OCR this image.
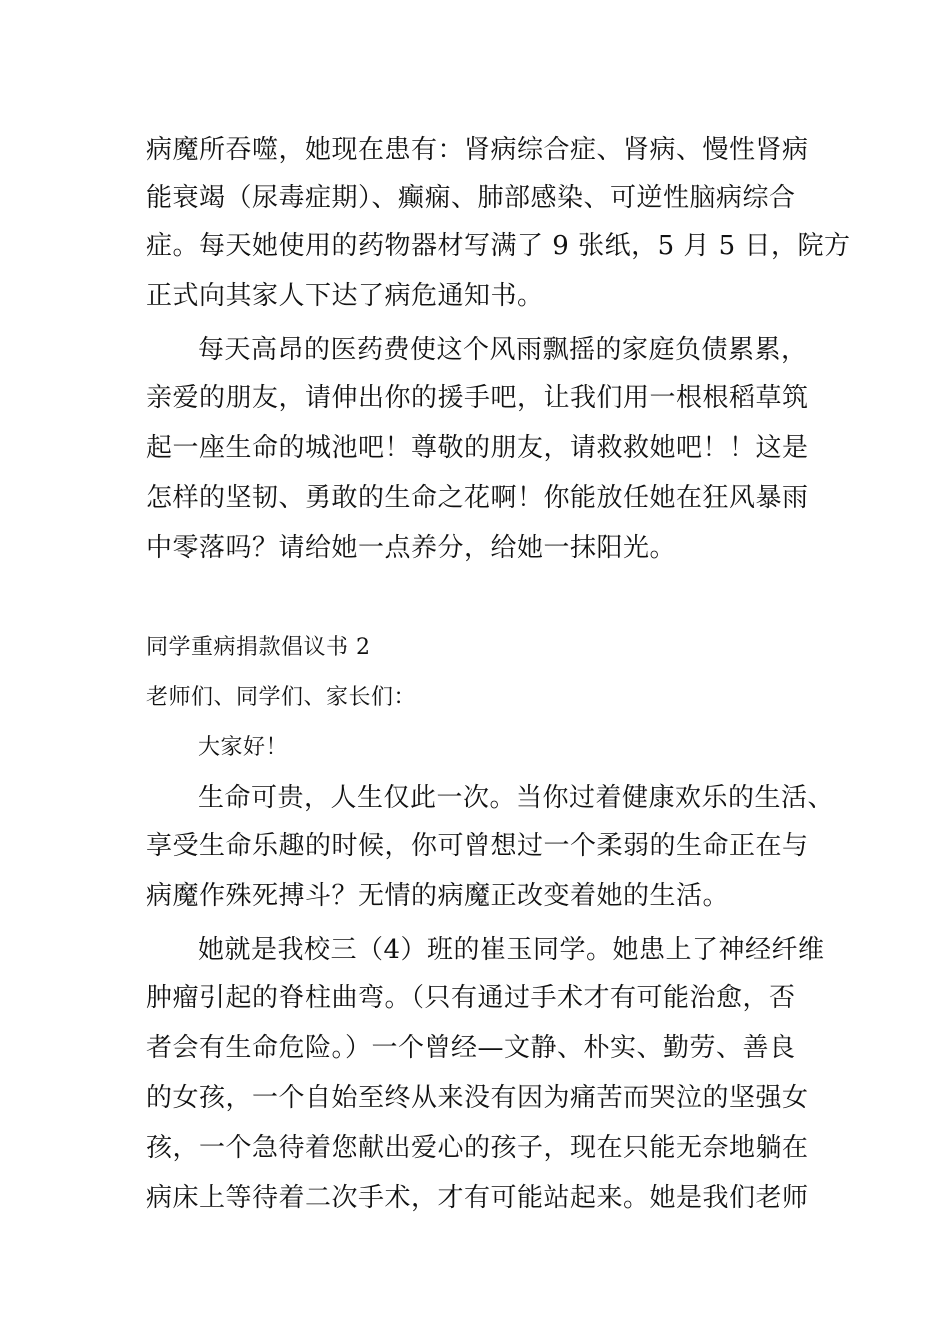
病魔所吞噬，她现在患有：肾病综合症、肾病、慢性肾病
能衰竭（尿毒症期）、癫痫、肺部感染、可逆性脑病综合
症。每天她使用的药物器材写满了 9 张纸，5 月 5 日，院方
正式向其家人下达了病危通知书。
每天高昂的医药费使这个风雨飘摇的家庭负债累累，
亲爱的朋友，请伸出你的援手吧，让我们用一根根稻草筑
起一座生命的城池吧！尊敬的朋友，请救救她吧！！这是
怎样的坚韧、勇敢的生命之花啊！你能放任她在狂风暴雨
中零落吗？请给她一点养分，给她一抹阳光。
同学重病捐款倡议书 2
老师们、同学们、家长们：
大家好！
生命可贵，人生仅此一次。当你过着健康欢乐的生活、
享受生命乐趣的时候，你可曾想过一个柔弱的生命正在与
病魔作殊死搏斗？无情的病魔正改变着她的生活。
她就是我校三（4）班的崔玉同学。她患上了神经纤维
肿瘤引起的脊柱曲弯。（只有通过手术才有可能治愈，否
者会有生命危险。）一个曾经—文静、朴实、勤劳、善良
的女孩，一个自始至终从来没有因为痛苦而哭泣的坚强女
孩，一个急待着您献出爱心的孩子，现在只能无奈地躺在
病床上等待着二次手术，才有可能站起来。她是我们老师
